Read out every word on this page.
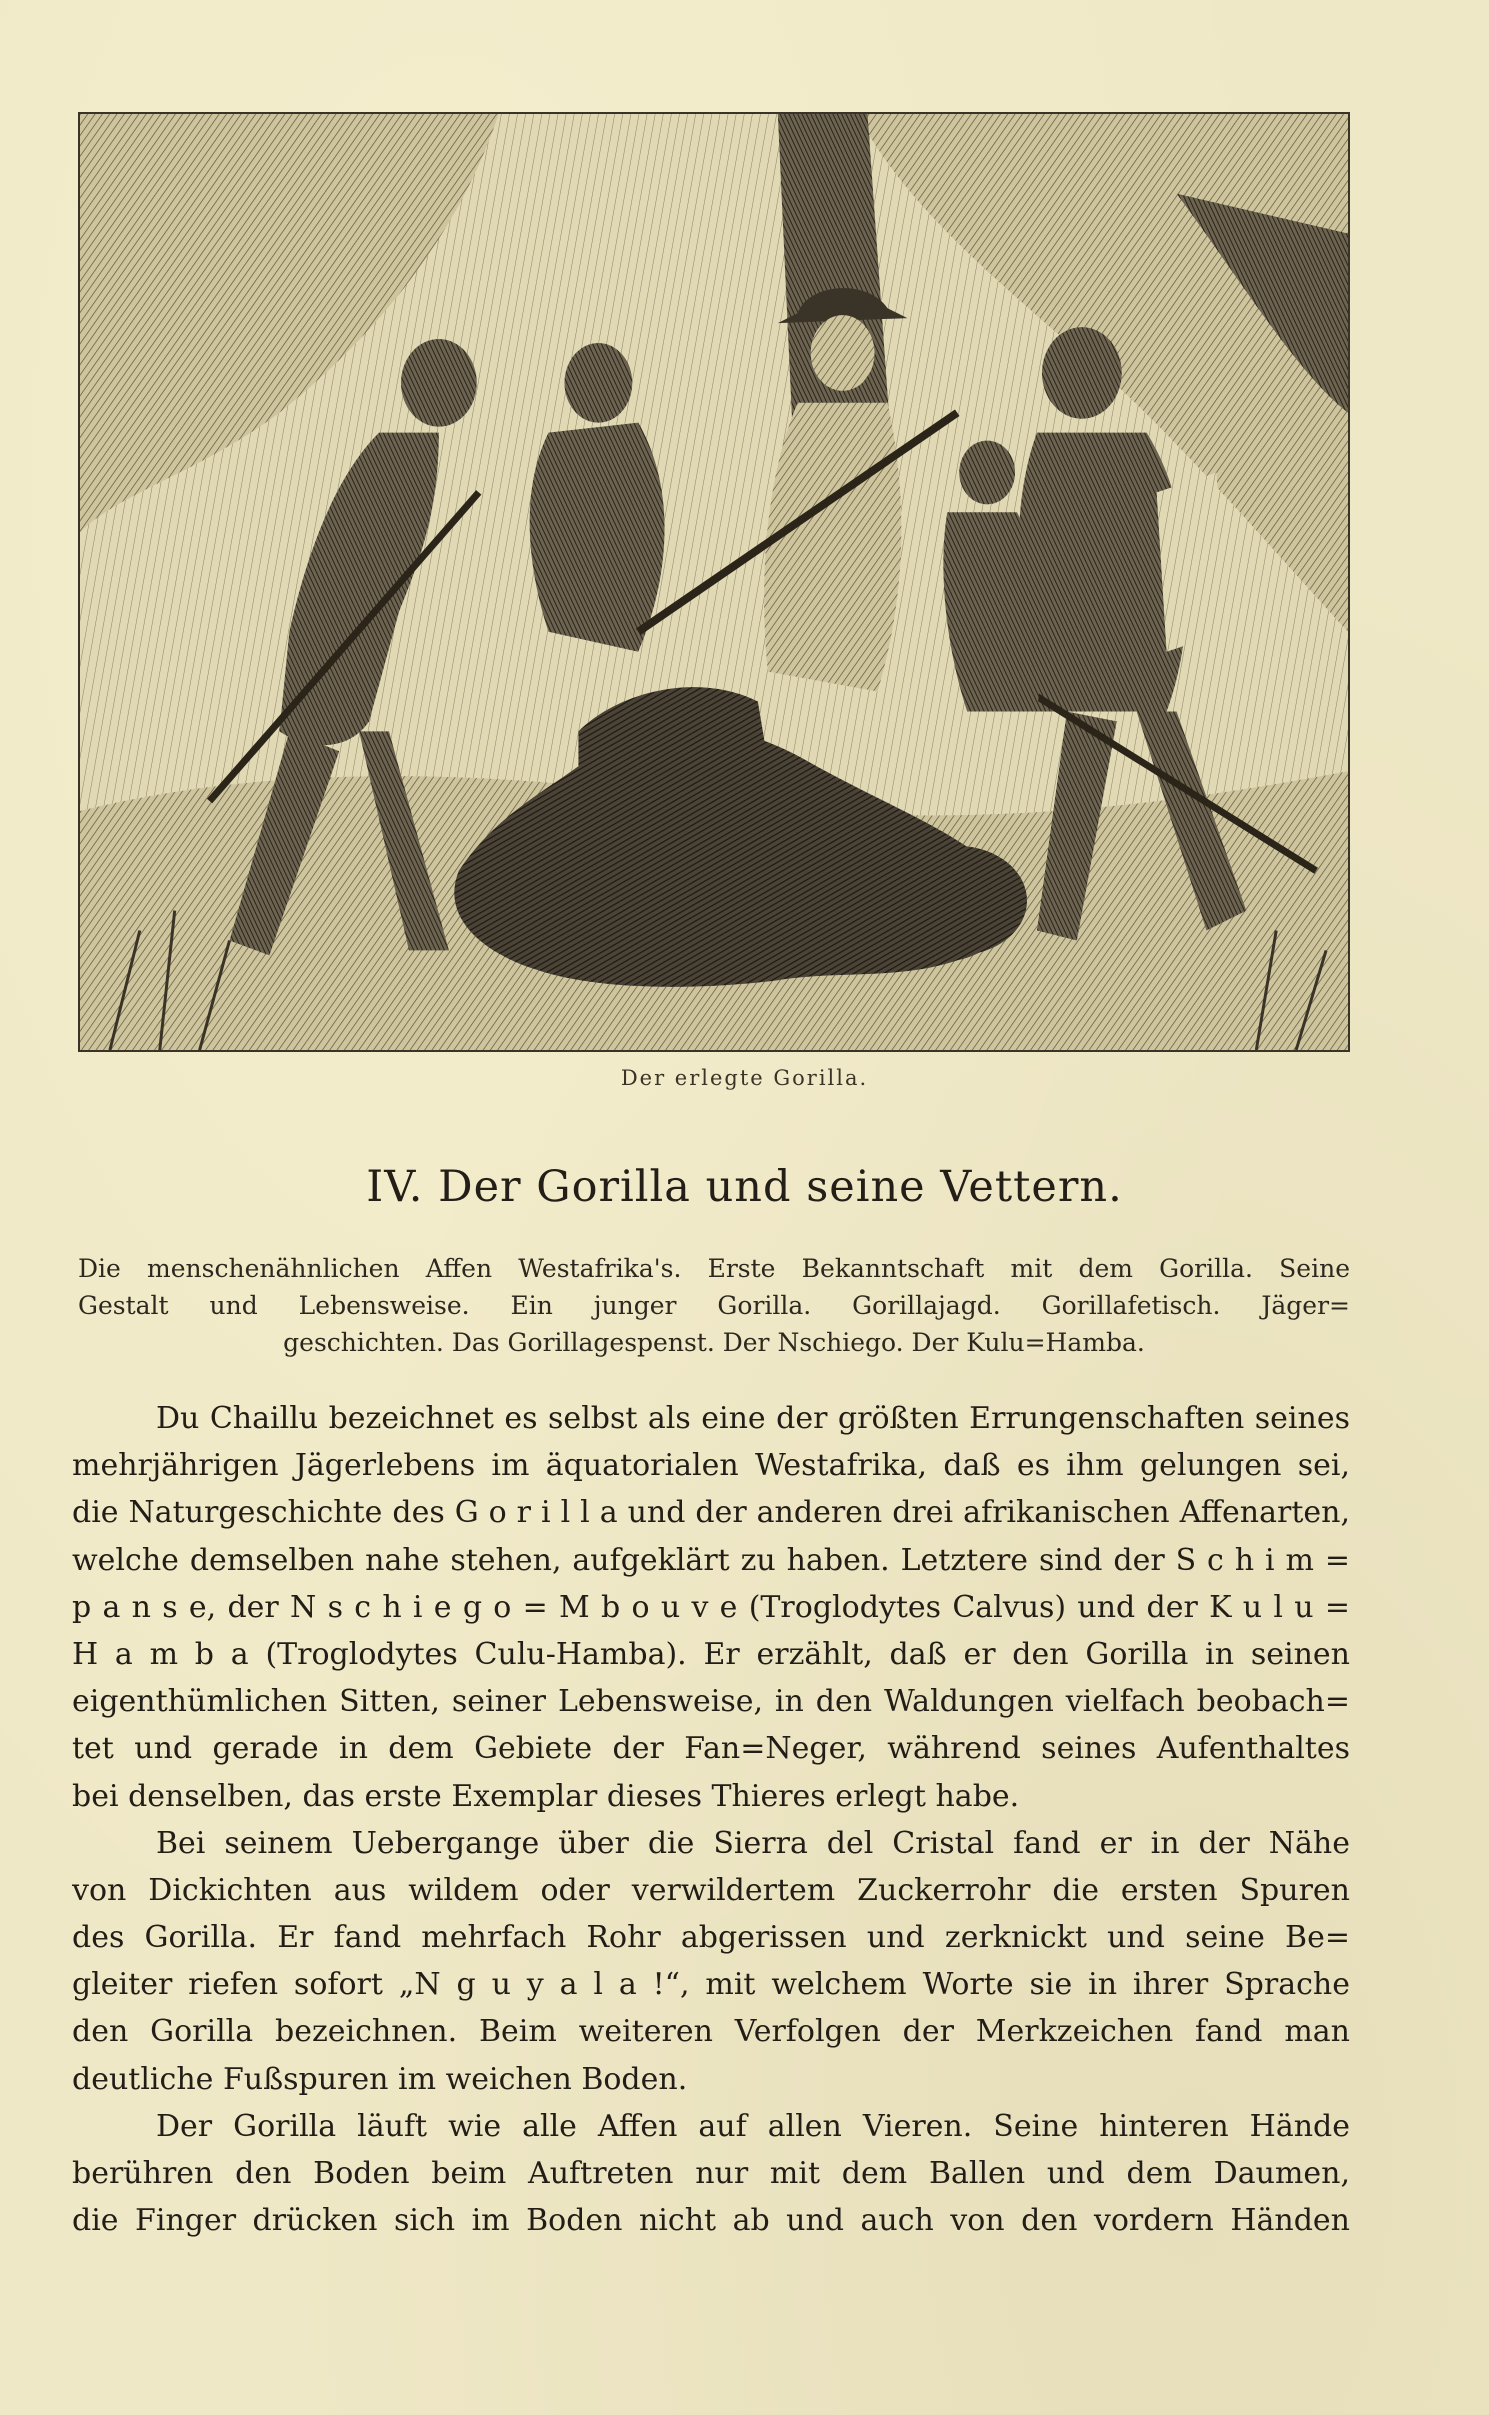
Der erlegte Gorilla.
IV. Der Gorilla und seine Vettern.
Die menschenähnlichen Affen Westafrika's. Erste Bekanntschaft mit dem Gorilla. Seine
Gestalt und Lebensweise. Ein junger Gorilla. Gorillajagd. Gorillafetisch. Jäger=
geschichten. Das Gorillagespenst. Der Nschiego. Der Kulu=Hamba.
Du Chaillu bezeichnet es selbst als eine der größten Errungenschaften seines
mehrjährigen Jägerlebens im äquatorialen Westafrika, daß es ihm gelungen sei,
die Naturgeschichte des G o r i l l a und der anderen drei afrikanischen Affenarten,
welche demselben nahe stehen, aufgeklärt zu haben. Letztere sind der S c h i m =
p a n s e, der N s c h i e g o = M b o u v e (Troglodytes Calvus) und der K u l u =
H a m b a (Troglodytes Culu-Hamba). Er erzählt, daß er den Gorilla in seinen
eigenthümlichen Sitten, seiner Lebensweise, in den Waldungen vielfach beobach=
tet und gerade in dem Gebiete der Fan=Neger, während seines Aufenthaltes
bei denselben, das erste Exemplar dieses Thieres erlegt habe.
Bei seinem Uebergange über die Sierra del Cristal fand er in der Nähe
von Dickichten aus wildem oder verwildertem Zuckerrohr die ersten Spuren
des Gorilla. Er fand mehrfach Rohr abgerissen und zerknickt und seine Be=
gleiter riefen sofort „N g u y a l a !“, mit welchem Worte sie in ihrer Sprache
den Gorilla bezeichnen. Beim weiteren Verfolgen der Merkzeichen fand man
deutliche Fußspuren im weichen Boden.
Der Gorilla läuft wie alle Affen auf allen Vieren. Seine hinteren Hände
berühren den Boden beim Auftreten nur mit dem Ballen und dem Daumen,
die Finger drücken sich im Boden nicht ab und auch von den vordern Händen
